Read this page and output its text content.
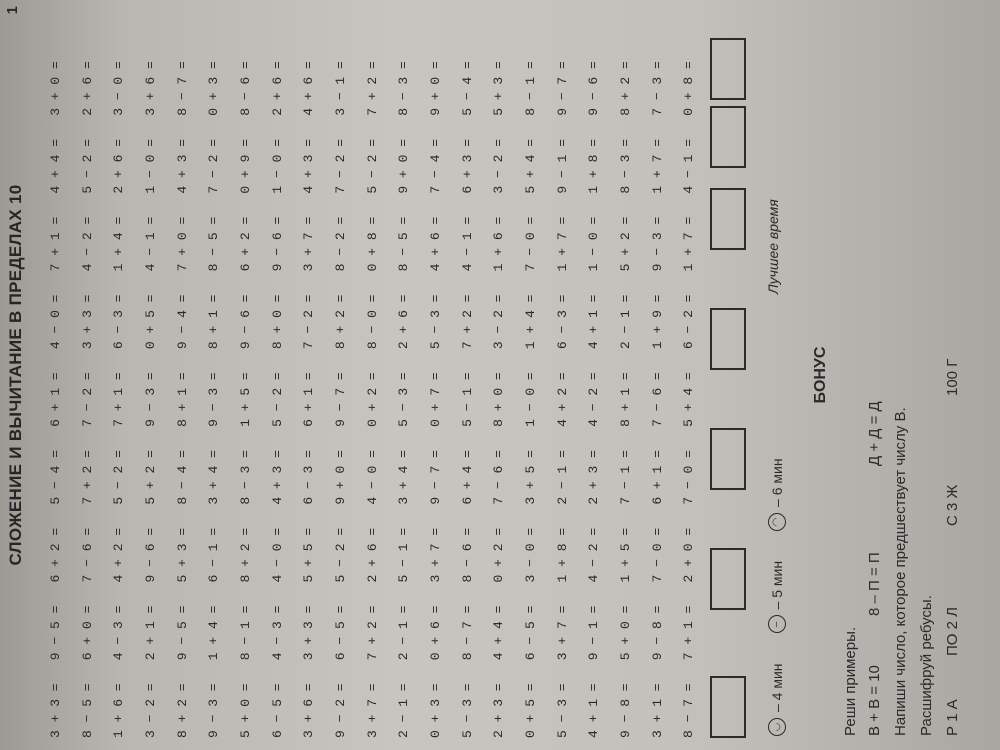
1
СЛОЖЕНИЕ И ВЫЧИТАНИЕ В ПРЕДЕЛАХ 10
3 + 3 =	8 − 5 =	1 + 6 =	3 − 2 =	8 + 2 =	9 − 3 =	5 + 0 =	6 − 5 =	3 + 6 =	9 − 2 =	3 + 7 =	2 − 1 =	0 + 3 =	5 − 3 =	2 + 3 =	0 + 5 =	5 − 3 =	4 + 1 =	9 − 8 =	3 + 1 =	8 − 7 =
9 − 5 =	6 + 0 =	4 − 3 =	2 + 1 =	9 − 5 =	1 + 4 =	8 − 1 =	4 − 3 =	3 + 3 =	6 − 5 =	7 + 2 =	2 − 1 =	0 + 6 =	8 − 7 =	4 + 4 =	6 − 5 =	3 + 7 =	9 − 1 =	5 + 0 =	9 − 8 =	7 + 1 =
6 + 2 =	7 − 6 =	4 + 2 =	9 − 6 =	5 + 3 =	6 − 1 =	8 + 2 =	4 − 0 =	5 + 5 =	5 − 2 =	2 + 6 =	5 − 1 =	3 + 7 =	8 − 6 =	0 + 2 =	3 − 0 =	1 + 8 =	4 − 2 =	1 + 5 =	7 − 0 =	2 + 0 =
5 − 4 =	7 + 2 =	5 − 2 =	5 + 2 =	8 − 4 =	3 + 4 =	8 − 3 =	4 + 3 =	6 − 3 =	9 + 0 =	4 − 0 =	3 + 4 =	9 − 7 =	6 + 4 =	7 − 6 =	3 + 5 =	2 − 1 =	2 + 3 =	7 − 1 =	6 + 1 =	7 − 0 =
6 + 1 =	7 − 2 =	7 + 1 =	9 − 3 =	8 + 1 =	9 − 3 =	1 + 5 =	5 − 2 =	6 + 1 =	9 − 7 =	0 + 2 =	5 − 3 =	0 + 7 =	5 − 1 =	8 + 0 =	1 − 0 =	4 + 2 =	4 − 2 =	8 + 1 =	7 − 6 =	5 + 4 =
4 − 0 =	3 + 3 =	6 − 3 =	0 + 5 =	9 − 4 =	8 + 1 =	9 − 6 =	8 + 0 =	7 − 2 =	8 + 2 =	8 − 0 =	2 + 6 =	5 − 3 =	7 + 2 =	3 − 2 =	1 + 4 =	6 − 3 =	4 + 1 =	2 − 1 =	1 + 9 =	6 − 2 =
7 + 1 =	4 − 2 =	1 + 4 =	4 − 1 =	7 + 0 =	8 − 5 =	6 + 2 =	9 − 6 =	3 + 7 =	8 − 2 =	0 + 8 =	8 − 5 =	4 + 6 =	4 − 1 =	1 + 6 =	7 − 0 =	1 + 7 =	1 − 0 =	5 + 2 =	9 − 3 =	1 + 7 =
4 + 4 =	5 − 2 =	2 + 6 =	1 − 0 =	4 + 3 =	7 − 2 =	0 + 9 =	1 − 0 =	4 + 3 =	7 − 2 =	5 − 2 =	9 + 0 =	7 − 4 =	6 + 3 =	3 − 2 =	5 + 4 =	9 − 1 =	1 + 8 =	8 − 3 =	1 + 7 =	4 − 1 =
3 + 0 =	2 + 6 =	3 − 0 =	3 + 6 =	8 − 7 =	0 + 3 =	8 − 6 =	2 + 6 =	4 + 6 =	3 − 1 =	7 + 2 =	8 − 3 =	9 + 0 =	5 − 4 =	5 + 3 =	8 − 1 =	9 − 7 =	9 − 6 =	8 + 2 =	7 − 3 =	0 + 8 =
◡
– 4 мин
–
– 5 мин
◠
– 6 мин
Лучшее время
БОНУС
Реши примеры. В + В = 10
8 – П = П
Д + Д = Д Напиши число, которое предшествует числу В. Расшифруй ребусы. Р 1 А
ПО 2 Л
С 3 Ж
100 Г
